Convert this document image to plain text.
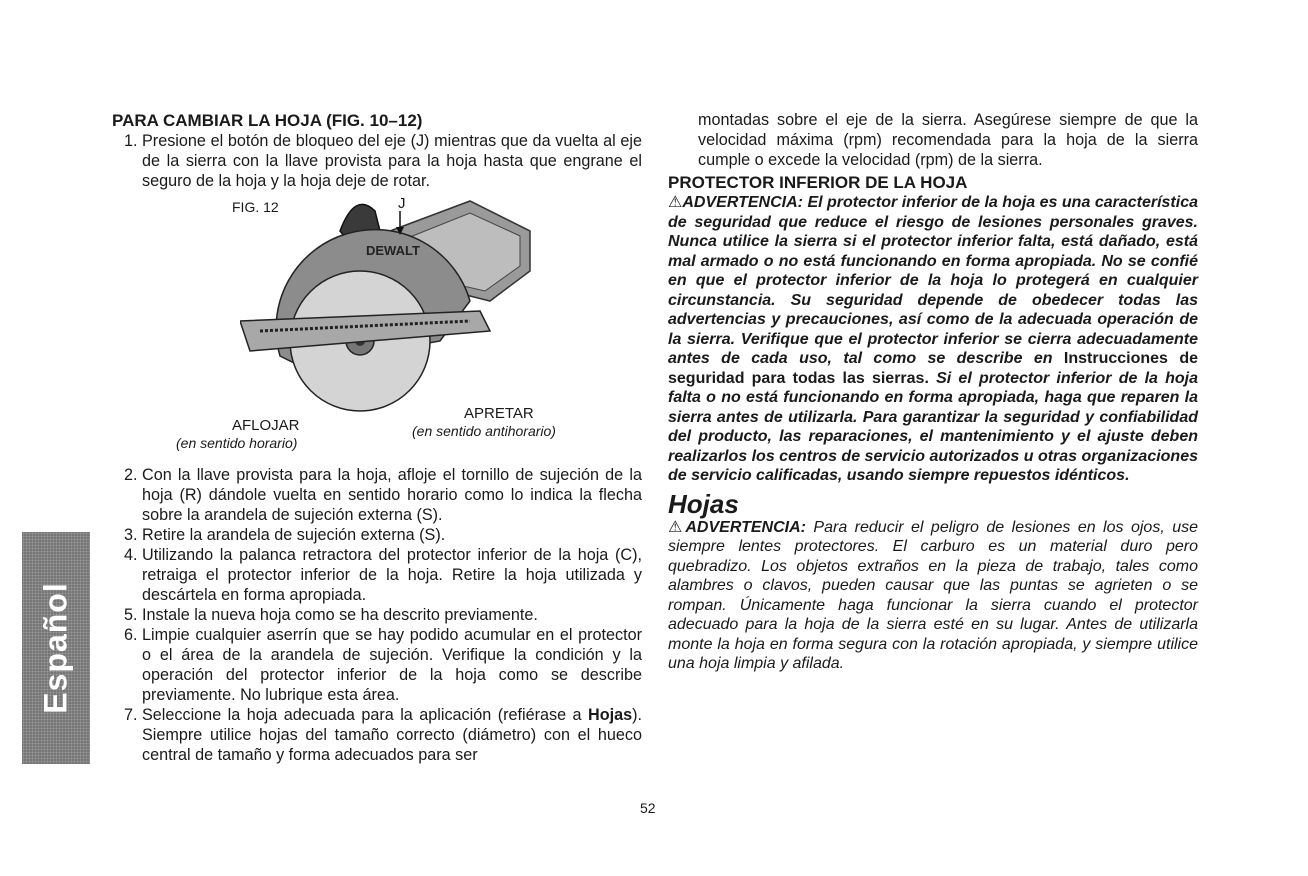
Español
PARA CAMBIAR LA HOJA (FIG. 10–12)
1. Presione el botón de bloqueo del eje (J) mientras que da vuelta al eje de la sierra con la llave provista para la hoja hasta que engrane el seguro de la hoja y la hoja deje de rotar.
DEWALT
FIG. 12	J
AFLOJAR
(en sentido horario)
APRETAR
(en sentido antihorario)
2. Con la llave provista para la hoja, afloje el tornillo de sujeción de la hoja (R) dándole vuelta en sentido horario como lo indica la flecha sobre la arandela de sujeción externa (S).
3. Retire la arandela de sujeción externa (S).
4. Utilizando la palanca retractora del protector inferior de la hoja (C), retraiga el protector inferior de la hoja. Retire la hoja utilizada y descártela en forma apropiada.
5. Instale la nueva hoja como se ha descrito previamente.
6. Limpie cualquier aserrín que se hay podido acumular en el protector o el área de la arandela de sujeción. Verifique la condición y la operación del protector inferior de la hoja como se describe previamente. No lubrique esta área.
7. Seleccione la hoja adecuada para la aplicación (refiérase a Hojas). Siempre utilice hojas del tamaño correcto (diámetro) con el hueco central de tamaño y forma adecuados para ser

montadas sobre el eje de la sierra. Asegúrese siempre de que la velocidad máxima (rpm) recomendada para la hoja de la sierra cumple o excede la velocidad (rpm) de la sierra.

PROTECTOR INFERIOR DE LA HOJA
⚠ADVERTENCIA: El protector inferior de la hoja es una característica de seguridad que reduce el riesgo de lesiones personales graves. Nunca utilice la sierra si el protector inferior falta, está dañado, está mal armado o no está funcionando en forma apropiada. No se confié en que el protector inferior de la hoja lo protegerá en cualquier circunstancia. Su seguridad depende de obedecer todas las advertencias y precauciones, así como de la adecuada operación de la sierra. Verifique que el protector inferior se cierra adecuadamente antes de cada uso, tal como se describe en Instrucciones de seguridad para todas las sierras. Si el protector inferior de la hoja falta o no está funcionando en forma apropiada, haga que reparen la sierra antes de utilizarla. Para garantizar la seguridad y confiabilidad del producto, las reparaciones, el mantenimiento y el ajuste deben realizarlos los centros de servicio autorizados u otras organizaciones de servicio calificadas, usando siempre repuestos idénticos.
Hojas
⚠ADVERTENCIA: Para reducir el peligro de lesiones en los ojos, use siempre lentes protectores. El carburo es un material duro pero quebradizo. Los objetos extraños en la pieza de trabajo, tales como alambres o clavos, pueden causar que las puntas se agrieten o se rompan. Únicamente haga funcionar la sierra cuando el protector adecuado para la hoja de la sierra esté en su lugar. Antes de utilizarla monte la hoja en forma segura con la rotación apropiada, y siempre utilice una hoja limpia y afilada.
52
